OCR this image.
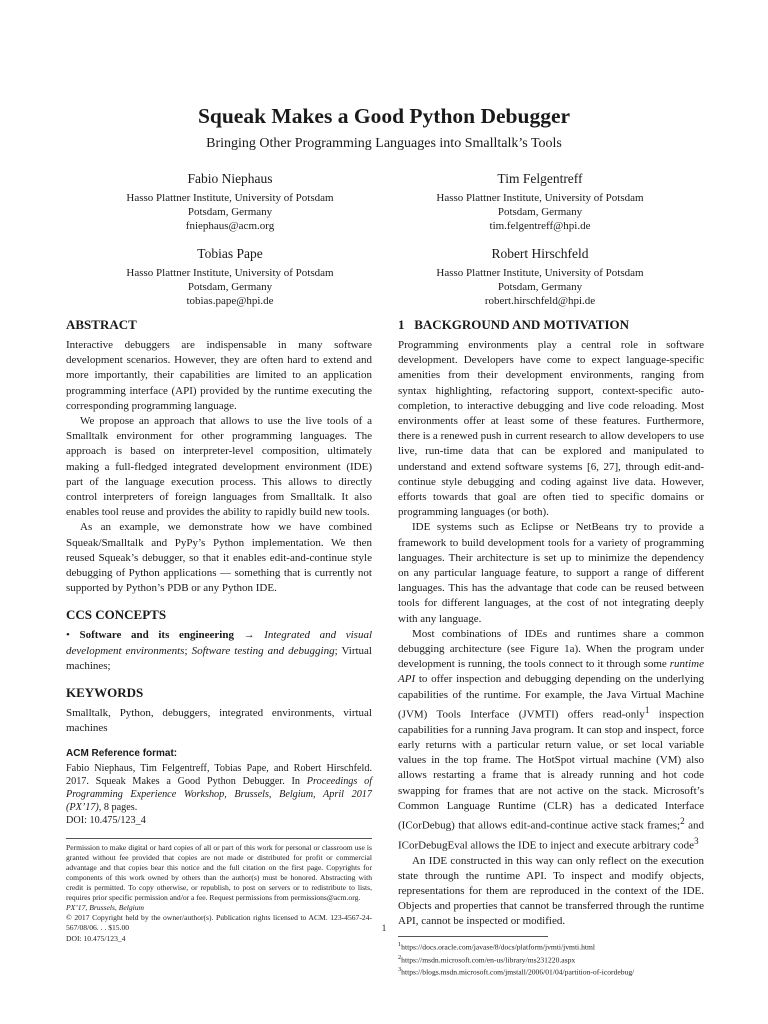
Squeak Makes a Good Python Debugger
Bringing Other Programming Languages into Smalltalk’s Tools
Fabio Niephaus
Hasso Plattner Institute, University of Potsdam
Potsdam, Germany
fniephaus@acm.org
Tim Felgentreff
Hasso Plattner Institute, University of Potsdam
Potsdam, Germany
tim.felgentreff@hpi.de
Tobias Pape
Hasso Plattner Institute, University of Potsdam
Potsdam, Germany
tobias.pape@hpi.de
Robert Hirschfeld
Hasso Plattner Institute, University of Potsdam
Potsdam, Germany
robert.hirschfeld@hpi.de
ABSTRACT

Interactive debuggers are indispensable in many software development scenarios. However, they are often hard to extend and more importantly, their capabilities are limited to an application programming interface (API) provided by the runtime executing the corresponding programming language.

We propose an approach that allows to use the live tools of a Smalltalk environment for other programming languages. The approach is based on interpreter-level composition, ultimately making a full-fledged integrated development environment (IDE) part of the language execution process. This allows to directly control interpreters of foreign languages from Smalltalk. It also enables tool reuse and provides the ability to rapidly build new tools.

As an example, we demonstrate how we have combined Squeak/Smalltalk and PyPy’s Python implementation. We then reused Squeak’s debugger, so that it enables edit-and-continue style debugging of Python applications — something that is currently not supported by Python’s PDB or any Python IDE.

CCS CONCEPTS

• Software and its engineering → Integrated and visual development environments; Software testing and debugging; Virtual machines;

KEYWORDS

Smalltalk, Python, debuggers, integrated environments, virtual machines

ACM Reference format:

Fabio Niephaus, Tim Felgentreff, Tobias Pape, and Robert Hirschfeld. 2017. Squeak Makes a Good Python Debugger. In Proceedings of Programming Experience Workshop, Brussels, Belgium, April 2017 (PX’17), 8 pages.

DOI: 10.475/123_4

Permission to make digital or hard copies of all or part of this work for personal or classroom use is granted without fee provided that copies are not made or distributed for profit or commercial advantage and that copies bear this notice and the full citation on the first page. Copyrights for components of this work owned by others than the author(s) must be honored. Abstracting with credit is permitted. To copy otherwise, or republish, to post on servers or to redistribute to lists, requires prior specific permission and/or a fee. Request permissions from permissions@acm.org.

PX’17, Brussels, Belgium

© 2017 Copyright held by the owner/author(s). Publication rights licensed to ACM. 123-4567-24-567/08/06. . . $15.00

DOI: 10.475/123_4

1   BACKGROUND AND MOTIVATION

Programming environments play a central role in software development. Developers have come to expect language-specific amenities from their development environments, ranging from syntax highlighting, refactoring support, context-specific auto-completion, to interactive debugging and live code reloading. Most environments offer at least some of these features. Furthermore, there is a renewed push in current research to allow developers to use live, run-time data that can be explored and manipulated to understand and extend software systems [6, 27], through edit-and-continue style debugging and coding against live data. However, efforts towards that goal are often tied to specific domains or programming languages (or both).

IDE systems such as Eclipse or NetBeans try to provide a framework to build development tools for a variety of programming languages. Their architecture is set up to minimize the dependency on any particular language feature, to support a range of different languages. This has the advantage that code can be reused between tools for different languages, at the cost of not integrating deeply with any language.

Most combinations of IDEs and runtimes share a common debugging architecture (see Figure 1a). When the program under development is running, the tools connect to it through some runtime API to offer inspection and debugging depending on the underlying capabilities of the runtime. For example, the Java Virtual Machine (JVM) Tools Interface (JVMTI) offers read-only$^1$ inspection capabilities for a running Java program. It can stop and inspect, force early returns with a particular return value, or set local variable values in the top frame. The HotSpot virtual machine (VM) also allows restarting a frame that is already running and hot code swapping for frames that are not active on the stack. Microsoft’s Common Language Runtime (CLR) has a dedicated Interface (ICorDebug) that allows edit-and-continue active stack frames;$^2$ and ICorDebugEval allows the IDE to inject and execute arbitrary code$^3$

An IDE constructed in this way can only reflect on the execution state through the runtime API. To inspect and modify objects, representations for them are reproduced in the context of the IDE. Objects and properties that cannot be transferred through the runtime API, cannot be inspected or modified.

$^1$https://docs.oracle.com/javase/8/docs/platform/jvmti/jvmti.html
$^2$https://msdn.microsoft.com/en-us/library/ms231220.aspx
$^3$https://blogs.msdn.microsoft.com/jmstall/2006/01/04/partition-of-icordebug/
1
